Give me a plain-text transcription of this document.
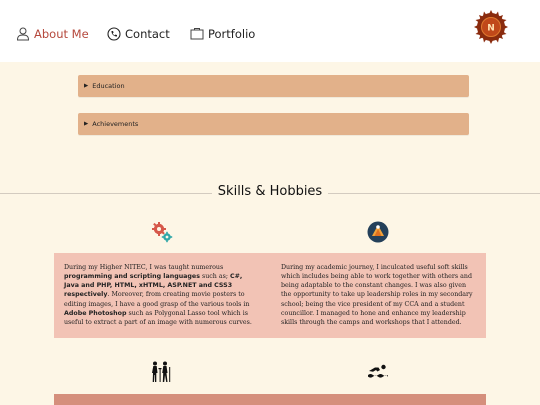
About Me	Contact	Portfolio	N
▶ Education
▶ Achievements
Skills & Hobbies
During my Higher NITEC, I was taught numerous programming and scripting languages such as; C#, Java and PHP, HTML, xHTML, ASP.NET and CSS3 respectively. Moreover, from creating movie posters to editing images, I have a good grasp of the various tools in Adobe Photoshop such as Polygonal Lasso tool which is useful to extract a part of an image with numerous curves.
During my academic journey, I inculcated useful soft skills which includes being able to work together with others and being adaptable to the constant changes. I was also given the opportunity to take up leadership roles in my secondary school; being the vice president of my CCA and a student councillor. I managed to hone and enhance my leadership skills through the camps and workshops that I attended.
